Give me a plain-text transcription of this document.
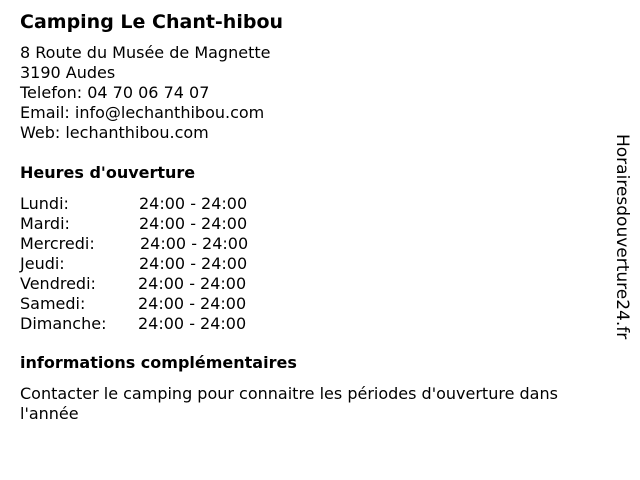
Camping Le Chant-hibou
8 Route du Musée de Magnette
3190 Audes
Telefon: 04 70 06 74 07
Email: info@lechanthibou.com
Web: lechanthibou.com
Heures d'ouverture
Lundi:	24:00 - 24:00
Mardi:	24:00 - 24:00
Mercredi:	24:00 - 24:00
Jeudi:	24:00 - 24:00
Vendredi:	24:00 - 24:00
Samedi:	24:00 - 24:00
Dimanche: 24:00 - 24:00
informations complémentaires
Contacter le camping pour connaitre les périodes d'ouverture dans
l'année
Horairesdouverture24.fr
